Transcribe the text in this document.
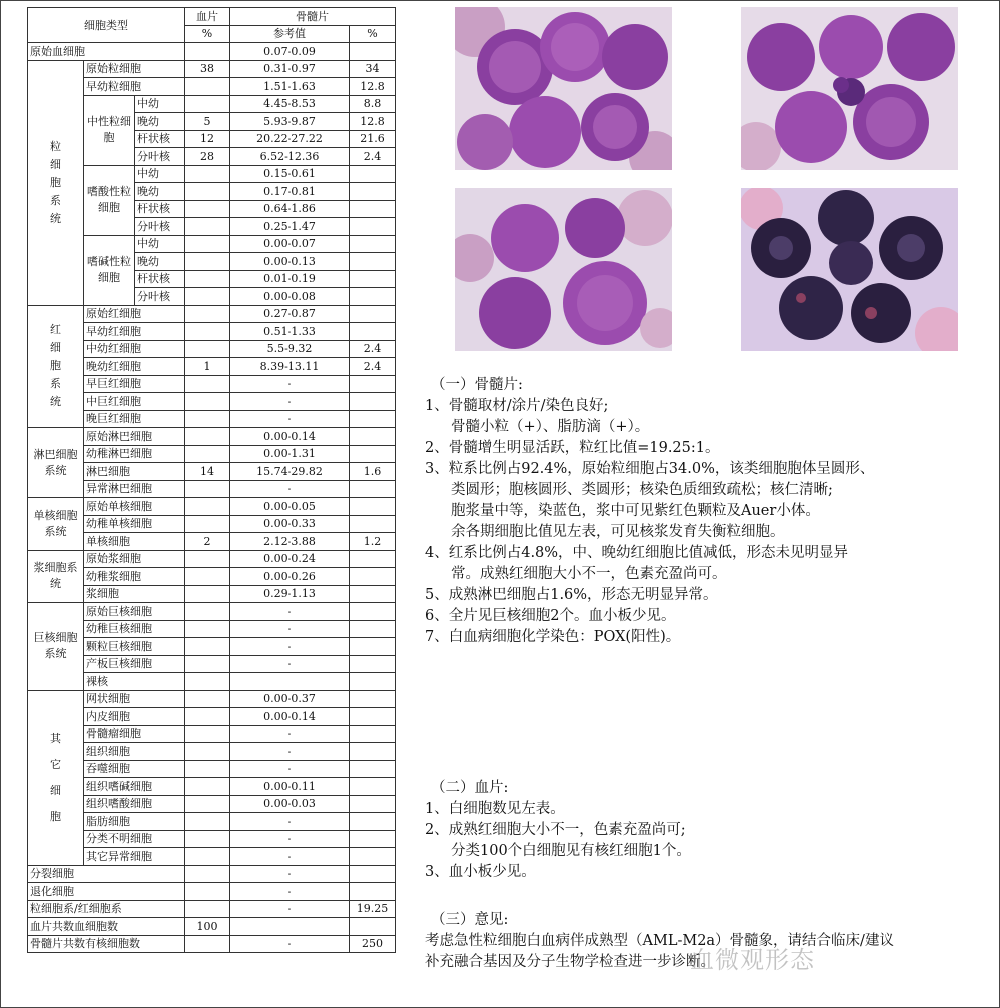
细胞类型			血片	骨髓片	
			%	参考值	%
原始血细胞				0.07-0.09	
粒细胞系统	原始粒细胞		38	0.31-0.97	34
	早幼粒细胞			1.51-1.63	12.8
	中性粒细胞	中幼		4.45-8.53	8.8
		晚幼	5	5.93-9.87	12.8
		杆状核	12	20.22-27.22	21.6
		分叶核	28	6.52-12.36	2.4
	嗜酸性粒细胞	中幼		0.15-0.61	
		晚幼		0.17-0.81	
		杆状核		0.64-1.86	
		分叶核		0.25-1.47	
	嗜碱性粒细胞	中幼		0.00-0.07	
		晚幼		0.00-0.13	
		杆状核		0.01-0.19	
		分叶核		0.00-0.08	
红细胞系统	原始红细胞			0.27-0.87	
	早幼红细胞			0.51-1.33	
	中幼红细胞			5.5-9.32	2.4
	晚幼红细胞		1	8.39-13.11	2.4
	早巨红细胞			-	
	中巨红细胞			-	
	晚巨红细胞			-	
淋巴细胞系统	原始淋巴细胞			0.00-0.14	
	幼稚淋巴细胞			0.00-1.31	
	淋巴细胞		14	15.74-29.82	1.6
	异常淋巴细胞			-	
单核细胞系统	原始单核细胞			0.00-0.05	
	幼稚单核细胞			0.00-0.33	
	单核细胞		2	2.12-3.88	1.2
浆细胞系统	原始浆细胞			0.00-0.24	
	幼稚浆细胞			0.00-0.26	
	浆细胞			0.29-1.13	
巨核细胞系统	原始巨核细胞			-	
	幼稚巨核细胞			-	
	颗粒巨核细胞			-	
	产板巨核细胞			-	
	裸核				
其它细胞	网状细胞			0.00-0.37	
	内皮细胞			0.00-0.14	
	骨髓瘤细胞			-	
	组织细胞			-	
	吞噬细胞			-	
	组织嗜碱细胞			0.00-0.11	
	组织嗜酸细胞			0.00-0.03	
	脂肪细胞			-	
	分类不明细胞			-	
	其它异常细胞			-	
分裂细胞				-	
退化细胞				-	
粒细胞系/红细胞系				-	19.25
血片共数血细胞数			100		
骨髓片共数有核细胞数				-	250

（一）骨髓片:

1、骨髓取材/涂片/染色良好;

骨髓小粒（+）、脂肪滴（+）。

2、骨髓增生明显活跃，粒红比值=19.25:1。

3、粒系比例占92.4%，原始粒细胞占34.0%，该类细胞胞体呈圆形、

类圆形；胞核圆形、类圆形；核染色质细致疏松；核仁清晰;

胞浆量中等，染蓝色，浆中可见紫红色颗粒及Auer小体。

余各期细胞比值见左表，可见核浆发育失衡粒细胞。

4、红系比例占4.8%，中、晚幼红细胞比值减低，形态未见明显异

常。成熟红细胞大小不一，色素充盈尚可。

5、成熟淋巴细胞占1.6%，形态无明显异常。

6、全片见巨核细胞2个。血小板少见。

7、白血病细胞化学染色：POX(阳性)。

（二）血片:

1、白细胞数见左表。

2、成熟红细胞大小不一，色素充盈尚可;

分类100个白细胞见有核红细胞1个。

3、血小板少见。

（三）意见:

考虑急性粒细胞白血病伴成熟型（AML-M2a）骨髓象，请结合临床/建议

补充融合基因及分子生物学检查进一步诊断。

血微观形态
